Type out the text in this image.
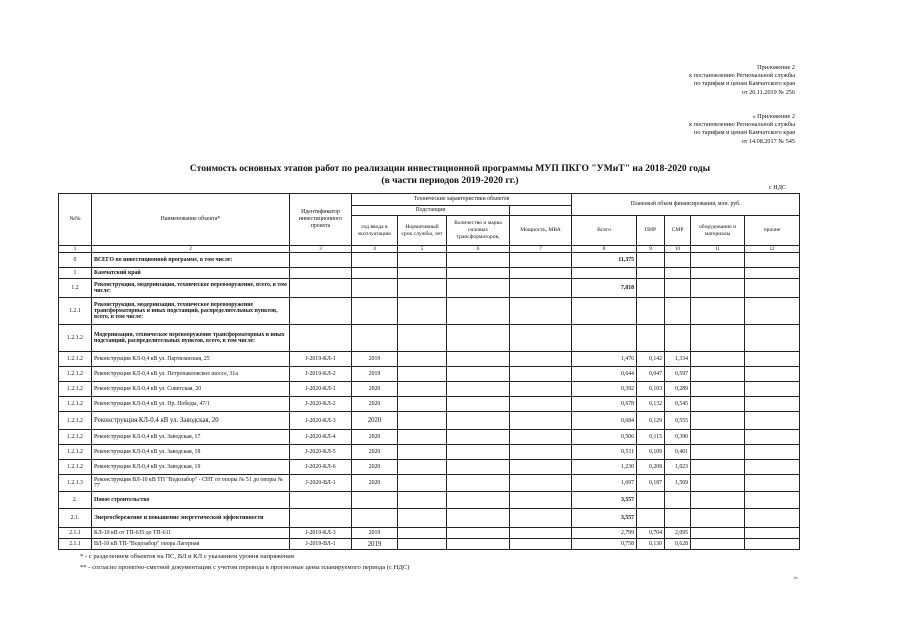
Приложение 2
к постановлению Региональной службы
по тарифам и ценам Камчатского края
от 20.11.2019 № 256
« Приложение 2
к постановлению Региональной службы
по тарифам и ценам Камчатского края
от 14.08.2017 № 545
Стоимость основных этапов работ по реализации инвестиционной программы МУП ПКГО "УМиТ" на 2018-2020 годы
(в части периодов 2019-2020 гг.)
с НДС
№№	Наименование объекта*	Идентификатор инвестиционного проекта	Технические характеристики объектов				Плановый объем финансирования, млн. руб.				
			Подстанции								
			год ввода в эксплуатацию	Нормативный срок службы, лет	Количество и марка силовых трансформаторов,	Мощность, МВА	Всего	ПИР	СМР	оборудование и материалы	прочие
1	2	3	4	5	6	7	8	9	10	11	12
0	ВСЕГО по инвестиционной программе, в том числе:						11,375				
1	Камчатский край										
1.2	Реконструкция, модернизация, техническое перевооружение, всего, в том числе:						7,818				
1.2.1	Реконструкция, модернизация, техническое перевооружение трансформаторных и иных подстанций, распределительных пунктов, всего, в том числе:										
1.2.1.2	Модернизация, техническое перевооружение трансформаторных и иных подстанций, распределительных пунктов, всего, в том числе:										
1.2.1.2	Реконструкция КЛ-0,4 кВ ул. Партизанская, 25	J-2019-КЛ-1	2019				1,476	0,142	1,334		
1.2.1.2	Реконструкция КЛ-0,4 кВ ул. Петропавловское шоссе, 31а	J-2019-КЛ-2	2019				0,644	0,047	0,597		
1.2.1.2	Реконструкция КЛ-0,4 кВ ул. Советская, 20	J-2020-КЛ-1	2020				0,392	0,103	0,289		
1.2.1.2	Реконструкция КЛ-0,4 кВ ул. Пр. Победы, 47/1	J-2020-КЛ-2	2020				0,678	0,132	0,545		
1.2.1.2	Реконструкция КЛ-0,4 кВ ул. Заводская, 20	J-2020-КЛ-3	2020				0,684	0,129	0,555		
1.2.1.2	Реконструкция КЛ-0,4 кВ ул. Заводская, 17	J-2020-КЛ-4	2020				0,506	0,115	0,390		
1.2.1.2	Реконструкция КЛ-0,4 кВ ул. Заводская, 18	J-2020-КЛ-5	2020				0,511	0,109	0,401		
1.2.1.2	Реконструкция КЛ-0,4 кВ ул. Заводская, 19	J-2020-КЛ-6	2020				1,230	0,208	1,023		
1.2.1.3	Реконструкция ВЛ-10 кВ ТП "Водозабор" - СНТ от опоры № 51 до опоры № 77	J-2020-ВЛ-1	2020				1,697	0,187	1,509		
2.	Новое строительство						3,557				
2.1.	Энергосбережение и повышение энергетической эффективности						3,557				
2.1.1	КЛ-10 кВ от ТП-635 до ТП-611	J-2019-КЛ-3	2019				2,799	0,704	2,095		
2.1.1	ВЛ-10 кВ ТП-"Водозабор" опора Лагерная	J-2019-ВЛ-1	2019				0,758	0,130	0,628		
* - с разделением объектов на ПС, ВЛ и КЛ с указанием уровня напряжения
** - согласно проектно-сметной документации с учетом перевода в прогнозные цены планируемого периода (с НДС)
».
